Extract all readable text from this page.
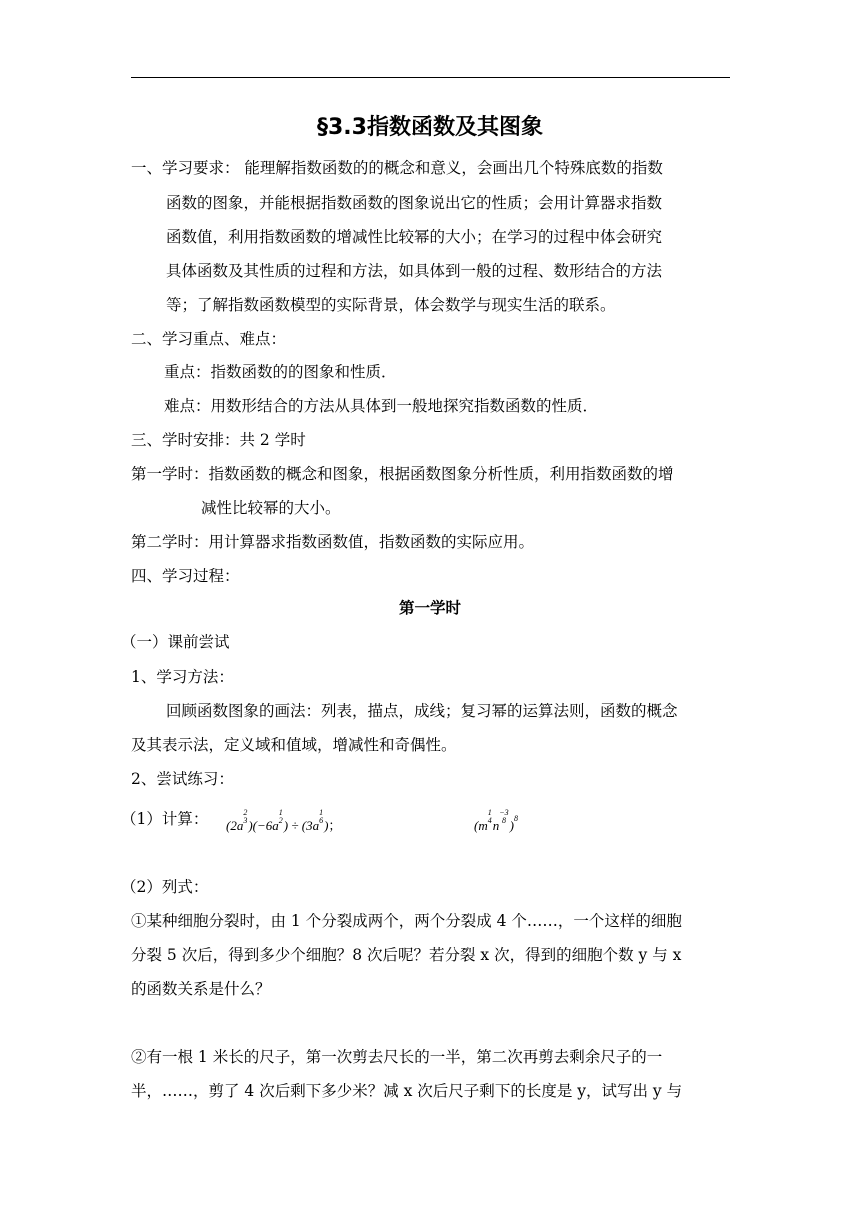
§3.3指数函数及其图象
一、学习要求： 能理解指数函数的的概念和意义，会画出几个特殊底数的指数
函数的图象，并能根据指数函数的图象说出它的性质；会用计算器求指数
函数值，利用指数函数的增减性比较幂的大小；在学习的过程中体会研究
具体函数及其性质的过程和方法，如具体到一般的过程、数形结合的方法
等；了解指数函数模型的实际背景，体会数学与现实生活的联系。
二、学习重点、难点：
重点：指数函数的的图象和性质．
难点：用数形结合的方法从具体到一般地探究指数函数的性质．
三、学时安排：共 2 学时
第一学时：指数函数的概念和图象，根据函数图象分析性质，利用指数函数的增
减性比较幂的大小。
第二学时：用计算器求指数函数值，指数函数的实际应用。
四、学习过程：
第一学时
（一）课前尝试
1、学习方法：
回顾函数图象的画法：列表，描点，成线；复习幂的运算法则，函数的概念
及其表示法，定义域和值域，增减性和奇偶性。
2、尝试练习：
（1）计算： (2a
2
3 )(−6a
1
2 ) ÷ (3a
1
6 )；	(m
1
4 n
−3
8 )$^8$
（2）列式：
①某种细胞分裂时，由 1 个分裂成两个，两个分裂成 4 个……，一个这样的细胞
分裂 5 次后，得到多少个细胞？8 次后呢？若分裂 x 次，得到的细胞个数 y 与 x
的函数关系是什么？
②有一根 1 米长的尺子，第一次剪去尺长的一半，第二次再剪去剩余尺子的一
半，……，剪了 4 次后剩下多少米？减 x 次后尺子剩下的长度是 y，试写出 y 与
